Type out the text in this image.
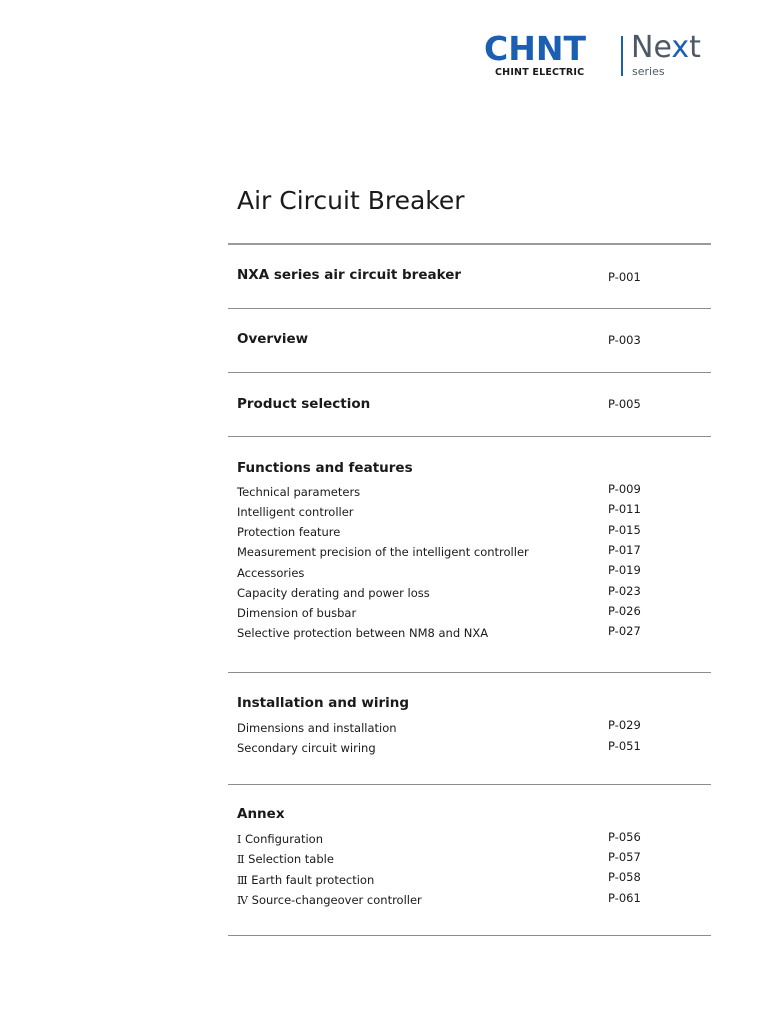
CHNT
CHINT ELECTRIC
Next
series
Air Circuit Breaker
NXA series air circuit breaker	P-001
Overview	P-003
Product selection	P-005
Functions and features
Technical parameters	P-009
Intelligent controller	P-011
Protection feature	P-015
Measurement precision of the intelligent controller	P-017
Accessories	P-019
Capacity derating and power loss	P-023
Dimension of busbar	P-026
Selective protection between NM8 and NXA	P-027
Installation and wiring
Dimensions and installation	P-029
Secondary circuit wiring	P-051
Annex
Ⅰ Configuration	P-056
Ⅱ Selection table	P-057
Ⅲ Earth fault protection	P-058
Ⅳ Source-changeover controller	P-061
